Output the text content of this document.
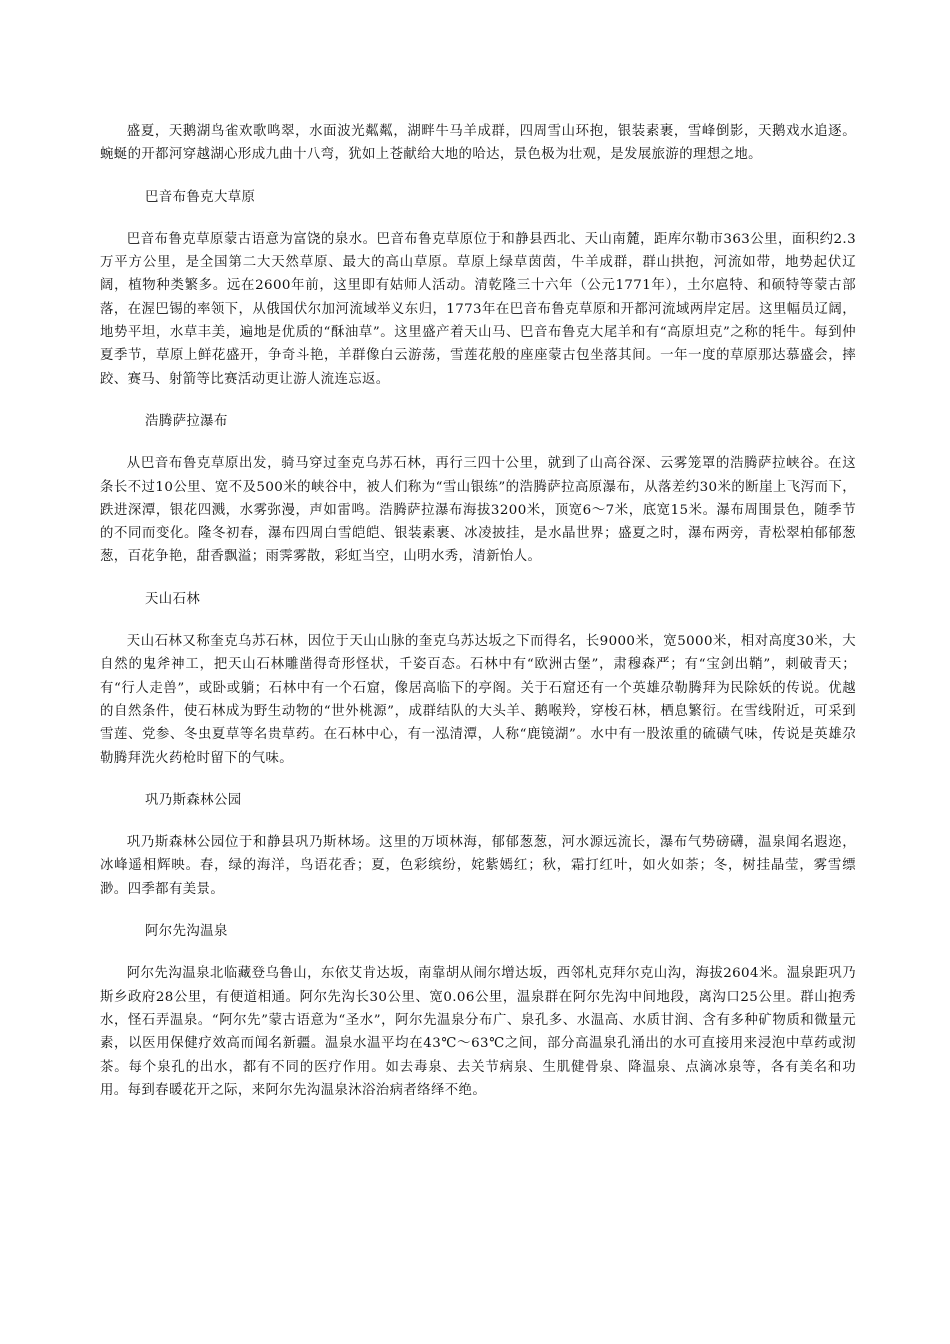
盛夏，天鹅湖鸟雀欢歌鸣翠，水面波光粼粼，湖畔牛马羊成群，四周雪山环抱，银装素裹，雪峰倒影，天鹅戏水追逐。蜿蜒的开都河穿越湖心形成九曲十八弯，犹如上苍献给大地的哈达，景色极为壮观，是发展旅游的理想之地。

巴音布鲁克大草原

巴音布鲁克草原蒙古语意为富饶的泉水。巴音布鲁克草原位于和静县西北、天山南麓，距库尔勒市363公里，面积约2.3万平方公里，是全国第二大天然草原、最大的高山草原。草原上绿草茵茵，牛羊成群，群山拱抱，河流如带，地势起伏辽阔，植物种类繁多。远在2600年前，这里即有姑师人活动。清乾隆三十六年（公元1771年），土尔扈特、和硕特等蒙古部落，在渥巴锡的率领下，从俄国伏尔加河流域举义东归，1773年在巴音布鲁克草原和开都河流域两岸定居。这里幅员辽阔，地势平坦，水草丰美，遍地是优质的“酥油草”。这里盛产着天山马、巴音布鲁克大尾羊和有“高原坦克”之称的牦牛。每到仲夏季节，草原上鲜花盛开，争奇斗艳，羊群像白云游荡，雪莲花般的座座蒙古包坐落其间。一年一度的草原那达慕盛会，摔跤、赛马、射箭等比赛活动更让游人流连忘返。

浩腾萨拉瀑布

从巴音布鲁克草原出发，骑马穿过奎克乌苏石林，再行三四十公里，就到了山高谷深、云雾笼罩的浩腾萨拉峡谷。在这条长不过10公里、宽不及500米的峡谷中，被人们称为“雪山银练”的浩腾萨拉高原瀑布，从落差约30米的断崖上飞泻而下，跌进深潭，银花四溅，水雾弥漫，声如雷鸣。浩腾萨拉瀑布海拔3200米，顶宽6～7米，底宽15米。瀑布周围景色，随季节的不同而变化。隆冬初春，瀑布四周白雪皑皑、银装素裹、冰凌披挂，是水晶世界；盛夏之时，瀑布两旁，青松翠柏郁郁葱葱，百花争艳，甜香飘溢；雨霁雾散，彩虹当空，山明水秀，清新怡人。

天山石林

天山石林又称奎克乌苏石林，因位于天山山脉的奎克乌苏达坂之下而得名，长9000米，宽5000米，相对高度30米，大自然的鬼斧神工，把天山石林雕凿得奇形怪状，千姿百态。石林中有“欧洲古堡”，肃穆森严；有“宝剑出鞘”，刺破青天；有“行人走兽”，或卧或躺；石林中有一个石窟，像居高临下的亭阁。关于石窟还有一个英雄尕勒腾拜为民除妖的传说。优越的自然条件，使石林成为野生动物的“世外桃源”，成群结队的大头羊、鹅喉羚，穿梭石林，栖息繁衍。在雪线附近，可采到雪莲、党参、冬虫夏草等名贵草药。在石林中心，有一泓清潭，人称“鹿镜湖”。水中有一股浓重的硫磺气味，传说是英雄尕勒腾拜洗火药枪时留下的气味。

巩乃斯森林公园

巩乃斯森林公园位于和静县巩乃斯林场。这里的万顷林海，郁郁葱葱，河水源远流长，瀑布气势磅礴，温泉闻名遐迩，冰峰遥相辉映。春，绿的海洋，鸟语花香；夏，色彩缤纷，姹紫嫣红；秋，霜打红叶，如火如荼；冬，树挂晶莹，雾雪缥渺。四季都有美景。

阿尔先沟温泉

阿尔先沟温泉北临藏登乌鲁山，东依艾肯达坂，南靠胡从闹尔增达坂，西邻札克拜尔克山沟，海拔2604米。温泉距巩乃斯乡政府28公里，有便道相通。阿尔先沟长30公里、宽0.06公里，温泉群在阿尔先沟中间地段，离沟口25公里。群山抱秀水，怪石弄温泉。“阿尔先”蒙古语意为“圣水”，阿尔先温泉分布广、泉孔多、水温高、水质甘润、含有多种矿物质和微量元素，以医用保健疗效高而闻名新疆。温泉水温平均在43℃～63℃之间，部分高温泉孔涌出的水可直接用来浸泡中草药或沏茶。每个泉孔的出水，都有不同的医疗作用。如去毒泉、去关节病泉、生肌健骨泉、降温泉、点滴冰泉等，各有美名和功用。每到春暖花开之际，来阿尔先沟温泉沐浴治病者络绎不绝。
